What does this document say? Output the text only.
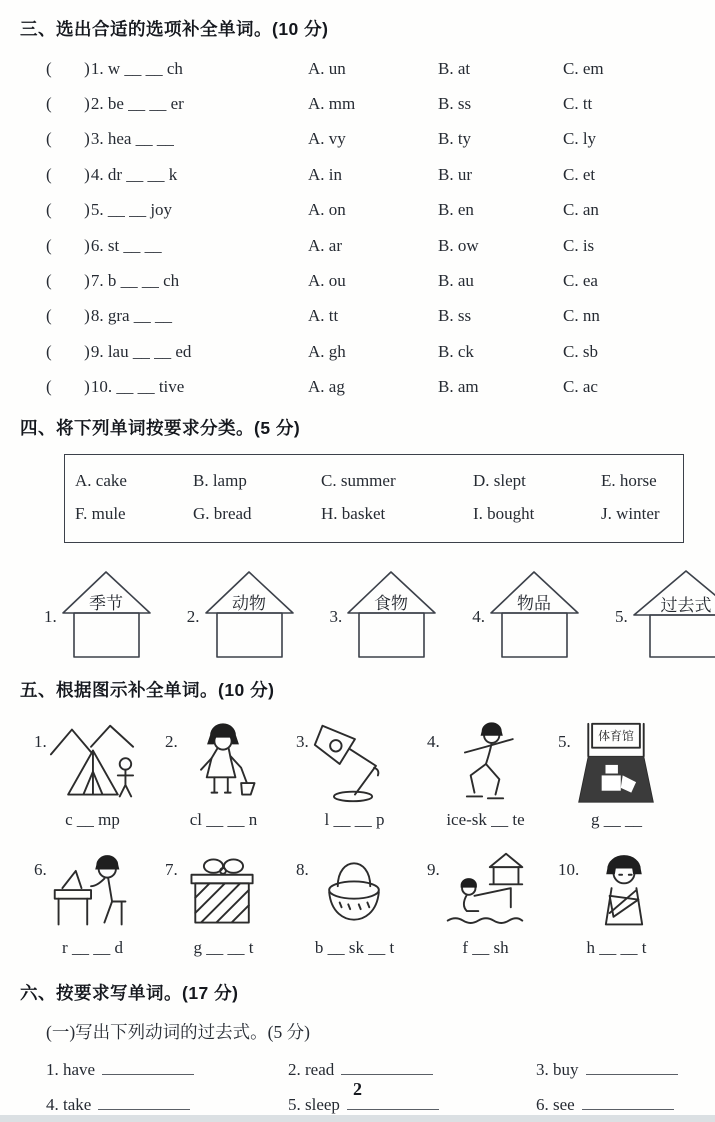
三、选出合适的选项补全单词。(10 分)
(      )1. w __ __ ch	A. un	B. at	C. em
(      )2. be __ __ er	A. mm	B. ss	C. tt
(      )3. hea __ __	A. vy	B. ty	C. ly
(      )4. dr __ __ k	A. in	B. ur	C. et
(      )5. __ __ joy	A. on	B. en	C. an
(      )6. st __ __	A. ar	B. ow	C. is
(      )7. b __ __ ch	A. ou	B. au	C. ea
(      )8. gra __ __	A. tt	B. ss	C. nn
(      )9. lau __ __ ed	A. gh	B. ck	C. sb
(      )10. __ __ tive	A. ag	B. am	C. ac
四、将下列单词按要求分类。(5 分)
A. cake	B. lamp	C. summer	D. slept	E. horse
F. mule	G. bread	H. basket	I. bought	J. winter
1.
季节
2.
动物
3.
食物
4.
物品
5.
过去式
五、根据图示补全单词。(10 分)
1.
c __ mp
2.
cl __ __ n
3.
l __ __ p
4.
ice-sk __ te
5. 体育馆
g __ __
6.
r __ __ d
7.
g __ __ t
8.
b __ sk __ t
9.
f __ sh
10.
h __ __ t
六、按要求写单词。(17 分)
(一)写出下列动词的过去式。(5 分)
1. have	2. read	3. buy
4. take	5. sleep	6. see
2
